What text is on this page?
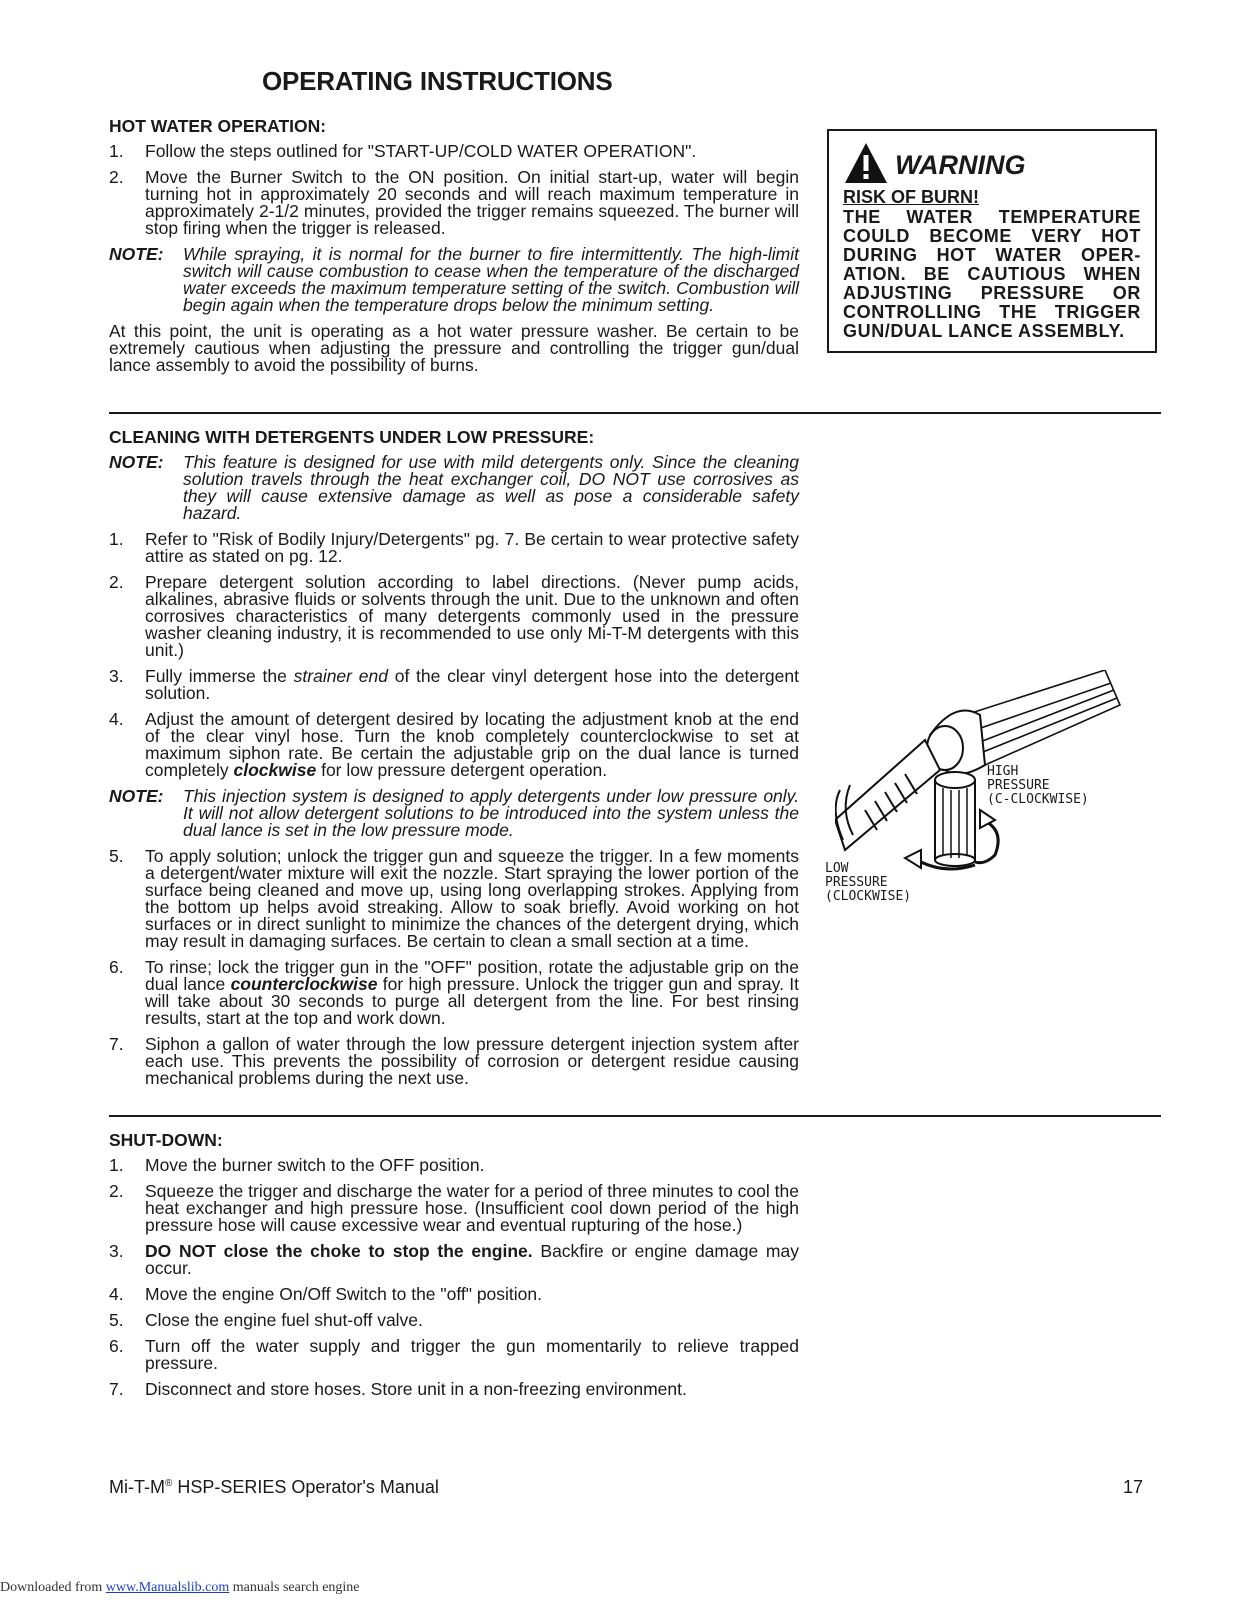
OPERATING INSTRUCTIONS
HOT WATER OPERATION:
1. Follow the steps outlined for "START-UP/COLD WATER OPERATION".
2. Move the Burner Switch to the ON position. On initial start-up, water will begin turning hot in approximately 20 seconds and will reach maximum temperature in approximately 2-1/2 minutes, provided the trigger remains squeezed. The burner will stop firing when the trigger is released.
NOTE: While spraying, it is normal for the burner to fire intermittently. The high-limit switch will cause combustion to cease when the temperature of the discharged water exceeds the maximum temperature setting of the switch. Combustion will begin again when the temperature drops below the minimum setting.
At this point, the unit is operating as a hot water pressure washer. Be certain to be extremely cautious when adjusting the pressure and controlling the trigger gun/dual lance assembly to avoid the possibility of burns.
WARNING
RISK OF BURN!
THE WATER TEMPERATURE COULD BECOME VERY HOT DURING HOT WATER OPER-ATION. BE CAUTIOUS WHEN ADJUSTING PRESSURE OR CONTROLLING THE TRIGGER GUN/DUAL LANCE ASSEMBLY.
CLEANING WITH DETERGENTS UNDER LOW PRESSURE:
NOTE: This feature is designed for use with mild detergents only. Since the cleaning solution travels through the heat exchanger coil, DO NOT use corrosives as they will cause extensive damage as well as pose a considerable safety hazard.
1. Refer to "Risk of Bodily Injury/Detergents" pg. 7. Be certain to wear protective safety attire as stated on pg. 12.
2. Prepare detergent solution according to label directions. (Never pump acids, alkalines, abrasive fluids or solvents through the unit. Due to the unknown and often corrosives characteristics of many detergents commonly used in the pressure washer cleaning industry, it is recommended to use only Mi-T-M detergents with this unit.)
3. Fully immerse the strainer end of the clear vinyl detergent hose into the detergent solution.
4. Adjust the amount of detergent desired by locating the adjustment knob at the end of the clear vinyl hose. Turn the knob completely counterclockwise to set at maximum siphon rate. Be certain the adjustable grip on the dual lance is turned completely clockwise for low pressure detergent operation.
NOTE: This injection system is designed to apply detergents under low pressure only. It will not allow detergent solutions to be introduced into the system unless the dual lance is set in the low pressure mode.
5. To apply solution; unlock the trigger gun and squeeze the trigger. In a few moments a detergent/water mixture will exit the nozzle. Start spraying the lower portion of the surface being cleaned and move up, using long overlapping strokes. Applying from the bottom up helps avoid streaking. Allow to soak briefly. Avoid working on hot surfaces or in direct sunlight to minimize the chances of the detergent drying, which may result in damaging surfaces. Be certain to clean a small section at a time.
6. To rinse; lock the trigger gun in the "OFF" position, rotate the adjustable grip on the dual lance counterclockwise for high pressure. Unlock the trigger gun and spray. It will take about 30 seconds to purge all detergent from the line. For best rinsing results, start at the top and work down.
7. Siphon a gallon of water through the low pressure detergent injection system after each use. This prevents the possibility of corrosion or detergent residue causing mechanical problems during the next use.
HIGH
PRESSURE
(C-CLOCKWISE)
LOW
PRESSURE
(CLOCKWISE)
SHUT-DOWN:
1. Move the burner switch to the OFF position.
2. Squeeze the trigger and discharge the water for a period of three minutes to cool the heat exchanger and high pressure hose. (Insufficient cool down period of the high pressure hose will cause excessive wear and eventual rupturing of the hose.)
3. DO NOT close the choke to stop the engine. Backfire or engine damage may occur.
4. Move the engine On/Off Switch to the "off" position.
5. Close the engine fuel shut-off valve.
6. Turn off the water supply and trigger the gun momentarily to relieve trapped pressure.
7. Disconnect and store hoses. Store unit in a non-freezing environment.
Mi-T-M® HSP-SERIES Operator's Manual	17
Downloaded from www.Manualslib.com manuals search engine
